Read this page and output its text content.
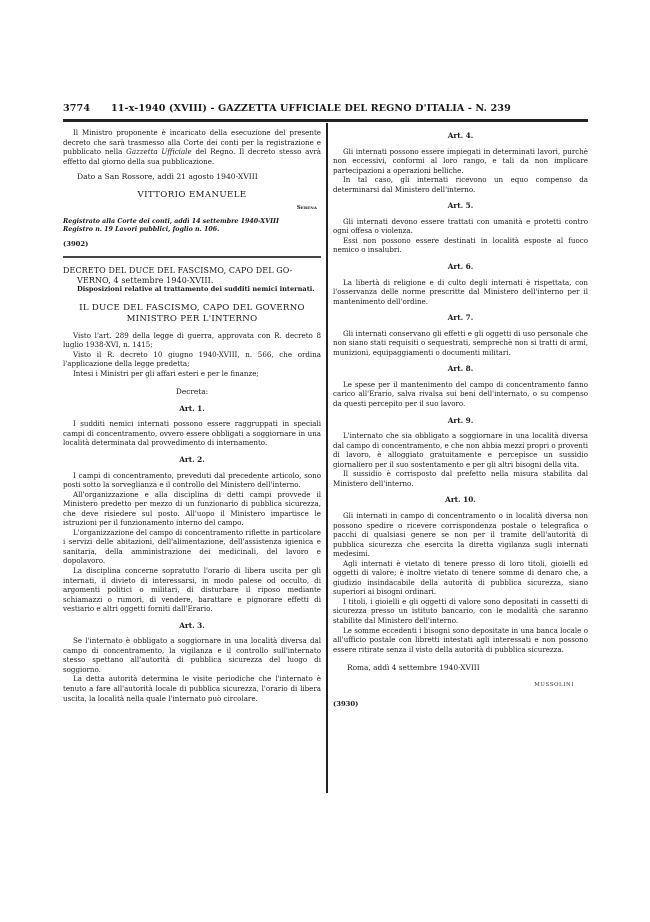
3774 11-x-1940 (XVIII) - GAZZETTA UFFICIALE DEL REGNO D'ITALIA - N. 239

Il Ministro proponente è incaricato della esecuzione del presente decreto che sarà trasmesso alla Corte dei conti per la registrazione e pubblicato nella Gazzetta Ufficiale del Regno. Il decreto stesso avrà effetto dal giorno della sua pubblicazione.

Dato a San Rossore, addì 21 agosto 1940-XVIII

VITTORIO EMANUELE

Serena

Registrato alla Corte dei conti, addì 14 settembre 1940-XVIII

Registro n. 19 Lavori pubblici, foglio n. 106.

(3902)

DECRETO DEL DUCE DEL FASCISMO, CAPO DEL GO-
VERNO, 4 settembre 1940-XVIII.

Disposizioni relative al trattamento dei sudditi nemici internati.

IL DUCE DEL FASCISMO, CAPO DEL GOVERNO
MINISTRO PER L'INTERNO

Visto l'art. 289 della legge di guerra, approvata con R. decreto 8 luglio 1938-XVI, n. 1415;

Visto il R. decreto 10 giugno 1940-XVIII, n. 566, che ordina l'applicazione della legge predetta;

Intesi i Ministri per gli affari esteri e per le finanze;

Decreta:

Art. 1.

I sudditi nemici internati possono essere raggruppati in speciali campi di concentramento, ovvero essere obbligati a soggiornare in una località determinata dal provvedimento di internamento.

Art. 2.

I campi di concentramento, preveduti dal precedente articolo, sono posti sotto la sorveglianza e il controllo del Ministero dell'interno.

All'organizzazione e alla disciplina di detti campi provvede il Ministero predetto per mezzo di un funzionario di pubblica sicurezza, che deve risiedere sul posto. All'uopo il Ministero impartisce le istruzioni per il funzionamento interno del campo.

L'organizzazione del campo di concentramento riflette in particolare i servizi delle abitazioni, dell'alimentazione, dell'assistenza igienica e sanitaria, della amministrazione dei medicinali, del lavoro e dopolavoro.

La disciplina concerne sopratutto l'orario di libera uscita per gli internati, il divieto di interessarsi, in modo palese od occulto, di argomenti politici o militari, di disturbare il riposo mediante schiamazzi o rumori, di vendere, barattare e pignorare effetti di vestiario e altri oggetti forniti dall'Erario.

Art. 3.

Se l'internato è obbligato a soggiornare in una località diversa dal campo di concentramento, la vigilanza e il controllo sull'internato stesso spettano all'autorità di pubblica sicurezza del luogo di soggiorno.

La detta autorità determina le visite periodiche che l'internato è tenuto a fare all'autorità locale di pubblica sicurezza, l'orario di libera uscita, la località nella quale l'internato può circolare.

Art. 4.

Gli internati possono essere impiegati in determinati lavori, purchè non eccessivi, conformi al loro rango, e tali da non implicare partecipazioni a operazioni belliche.

In tal caso, gli internati ricevono un equo compenso da determinarsi dal Ministero dell'interno.

Art. 5.

Gli internati devono essere trattati con umanità e protetti contro ogni offesa o violenza.

Essi non possono essere destinati in località esposte al fuoco nemico o insalubri.

Art. 6.

La libertà di religione e di culto degli internati è rispettata, con l'osservanza delle norme prescritte dal Ministero dell'interno per il mantenimento dell'ordine.

Art. 7.

Gli internati conservano gli effetti e gli oggetti di uso personale che non siano stati requisiti o sequestrati, semprechè non si tratti di armi, munizioni, equipaggiamenti o documenti militari.

Art. 8.

Le spese per il mantenimento del campo di concentramento fanno carico all'Erario, salva rivalsa sui beni dell'internato, o su compenso da questi percepito per il suo lavoro.

Art. 9.

L'internato che sia obbligato a soggiornare in una località diversa dal campo di concentramento, e che non abbia mezzi propri o proventi di lavoro, è alloggiato gratuitamente e percepisce un sussidio giornaliero per il suo sostentamento e per gli altri bisogni della vita.

Il sussidio è corrisposto dal prefetto nella misura stabilita dal Ministero dell'interno.

Art. 10.

Gli internati in campo di concentramento o in località diversa non possono spedire o ricevere corrispondenza postale o telegrafica o pacchi di qualsiasi genere se non per il tramite dell'autorità di pubblica sicurezza che esercita la diretta vigilanza sugli internati medesimi.

Agli internati è vietato di tenere presso di loro titoli, gioielli ed oggetti di valore; è inoltre vietato di tenere somme di denaro che, a giudizio insindacabile della autorità di pubblica sicurezza, siano superiori ai bisogni ordinari.

I titoli, i gioielli e gli oggetti di valore sono depositati in cassetti di sicurezza presso un istituto bancario, con le modalità che saranno stabilite dal Ministero dell'interno.

Le somme eccedenti i bisogni sono depositate in una banca locale o all'ufficio postale con libretti intestati agli interessati e non possono essere ritirate senza il visto della autorità di pubblica sicurezza.

Roma, addì 4 settembre 1940-XVIII

MUSSOLINI

(3930)
